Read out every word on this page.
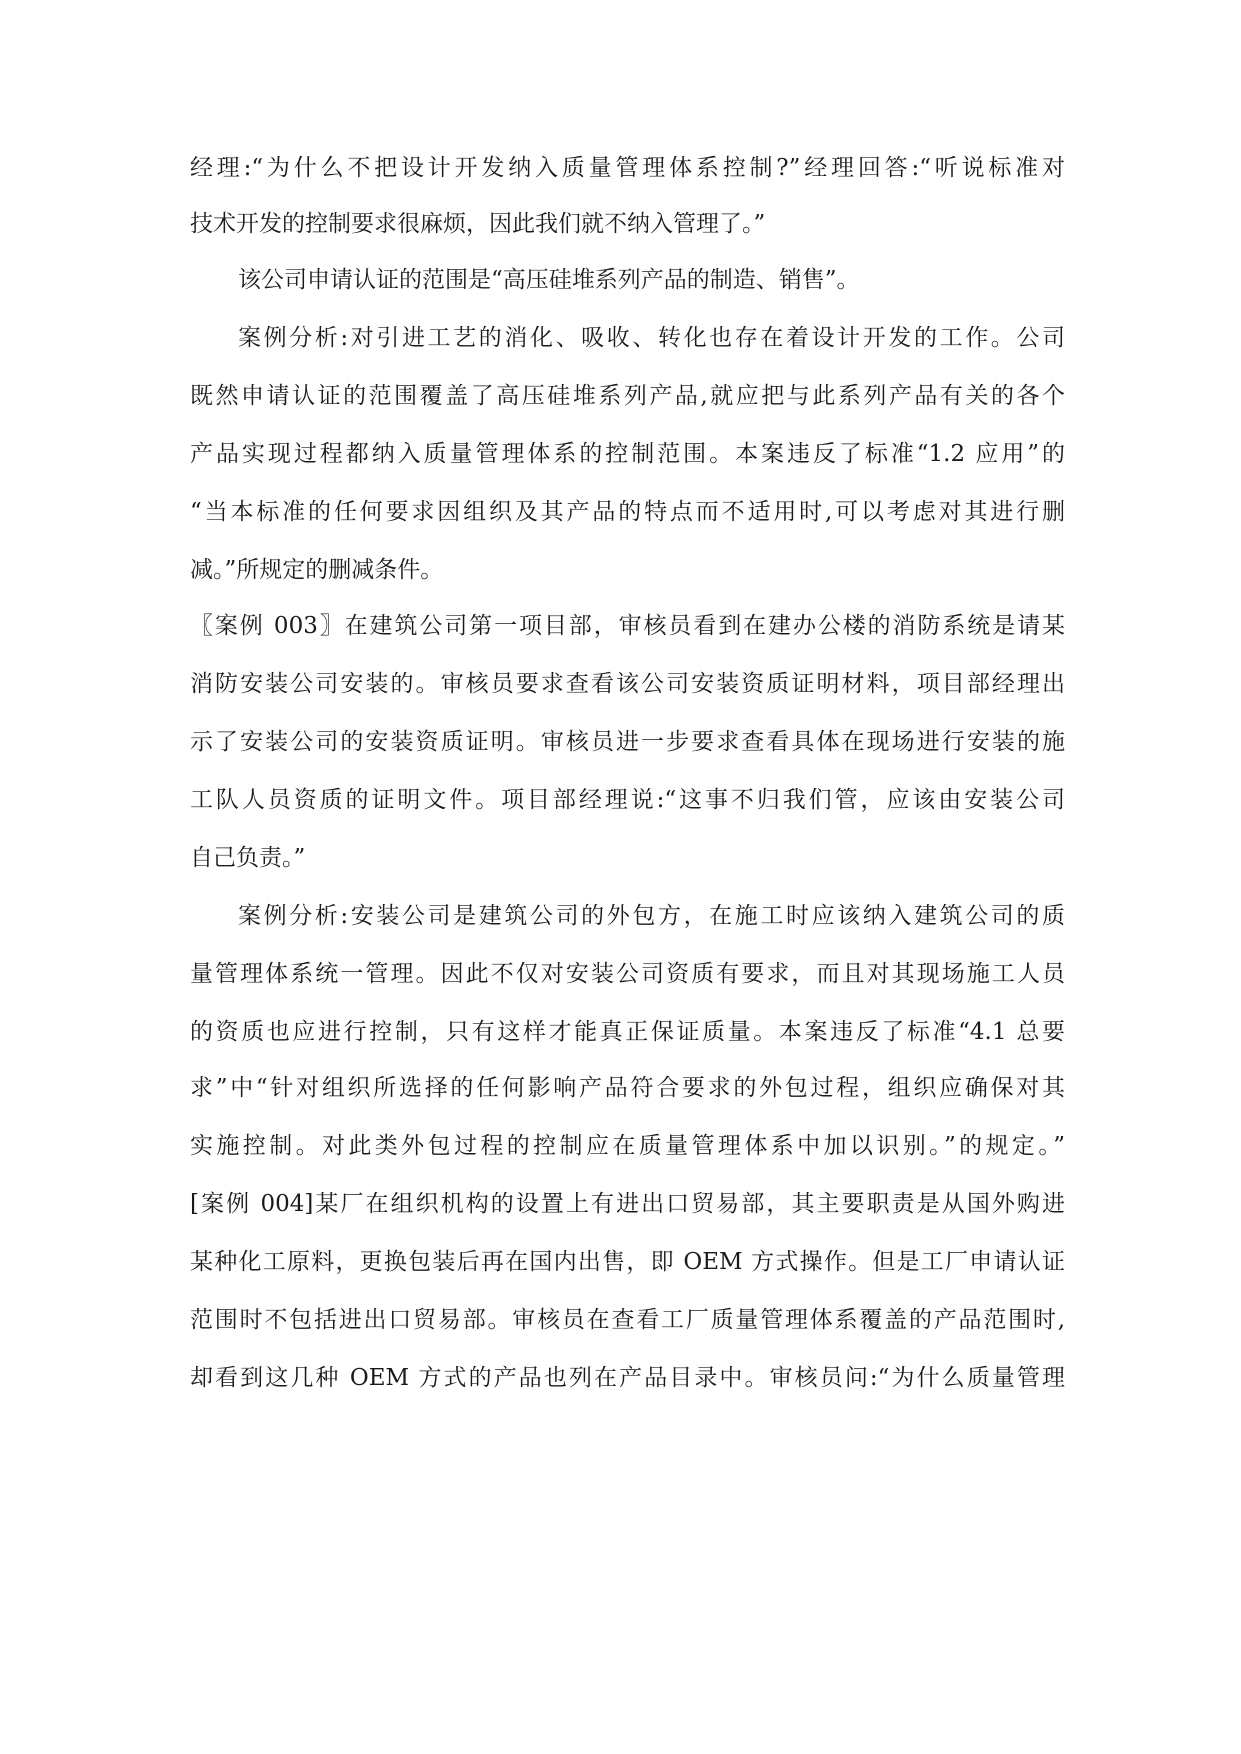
经理:“为什么不把设计开发纳入质量管理体系控制?”经理回答:“听说标准对
技术开发的控制要求很麻烦，因此我们就不纳入管理了。”
该公司申请认证的范围是“高压硅堆系列产品的制造、销售”。
案例分析:对引进工艺的消化、吸收、转化也存在着设计开发的工作。公司
既然申请认证的范围覆盖了高压硅堆系列产品,就应把与此系列产品有关的各个
产品实现过程都纳入质量管理体系的控制范围。本案违反了标准“1.2 应用”的
“当本标准的任何要求因组织及其产品的特点而不适用时,可以考虑对其进行删
减。”所规定的删减条件。
〖案例 003〗在建筑公司第一项目部，审核员看到在建办公楼的消防系统是请某
消防安装公司安装的。审核员要求查看该公司安装资质证明材料，项目部经理出
示了安装公司的安装资质证明。审核员进一步要求查看具体在现场进行安装的施
工队人员资质的证明文件。项目部经理说:“这事不归我们管，应该由安装公司
自己负责。”
案例分析:安装公司是建筑公司的外包方，在施工时应该纳入建筑公司的质
量管理体系统一管理。因此不仅对安装公司资质有要求，而且对其现场施工人员
的资质也应进行控制，只有这样才能真正保证质量。本案违反了标准“4.1 总要
求”中“针对组织所选择的任何影响产品符合要求的外包过程，组织应确保对其
实施控制。对此类外包过程的控制应在质量管理体系中加以识别。”的规定。”
[案例 004]某厂在组织机构的设置上有进出口贸易部，其主要职责是从国外购进
某种化工原料，更换包装后再在国内出售，即 OEM 方式操作。但是工厂申请认证
范围时不包括进出口贸易部。审核员在查看工厂质量管理体系覆盖的产品范围时,
却看到这几种 OEM 方式的产品也列在产品目录中。审核员问:“为什么质量管理
